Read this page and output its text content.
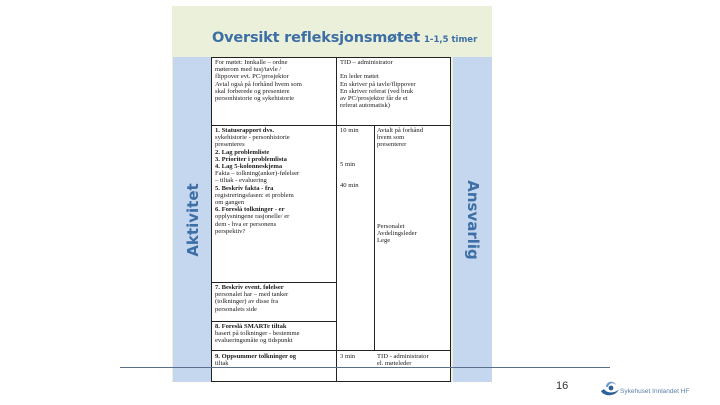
Oversikt refleksjonsmøtet 1-1,5 timer
Aktivitet	Ansvarlig

For møtet: Innkalle – ordne

møterom med tusj/tavle /

flippover evt. PC/prosjektor

Avtal også på forhånd hvem som

skal forberede og presentere

personhistorie og sykehistorie

TID – administrator

En leder møtet

En skriver på tavle/flippover

En skriver referat (ved bruk

av PC/prosjektor får de et

referat automatisk)

1. Statusrapport dvs.

sykehistorie - personhistorie

presenteres

2. Lag problemliste

3. Prioriter i problemlista

4. Lag 5-kolonneskjema

Fakta – tolkning(anker)-følelser

– tiltak - evaluering

5. Beskriv fakta - fra

registreringsfasen: et problem

om gangen

6. Foreslå tolkninger - er

opplysningene rasjonelle/ er

dem - hva er personens

perspektiv?

7. Beskriv event. følelser

personalet har – med tanker

(tolkninger) av disse fra

personalets side

8. Foreslå SMARTe tiltak

basert på tolkninger - bestemme

evalueringsmåte og tidspunkt

9. Oppsummer tolkninger og

tiltak

10 min
5 min
40 min
3 min

Avtalt på forhånd

hvem som

presenterer

Personalet

Avdelingsleder

Lege

TID - administrator

el. møteleder

16	Sykehuset Innlandet HF
